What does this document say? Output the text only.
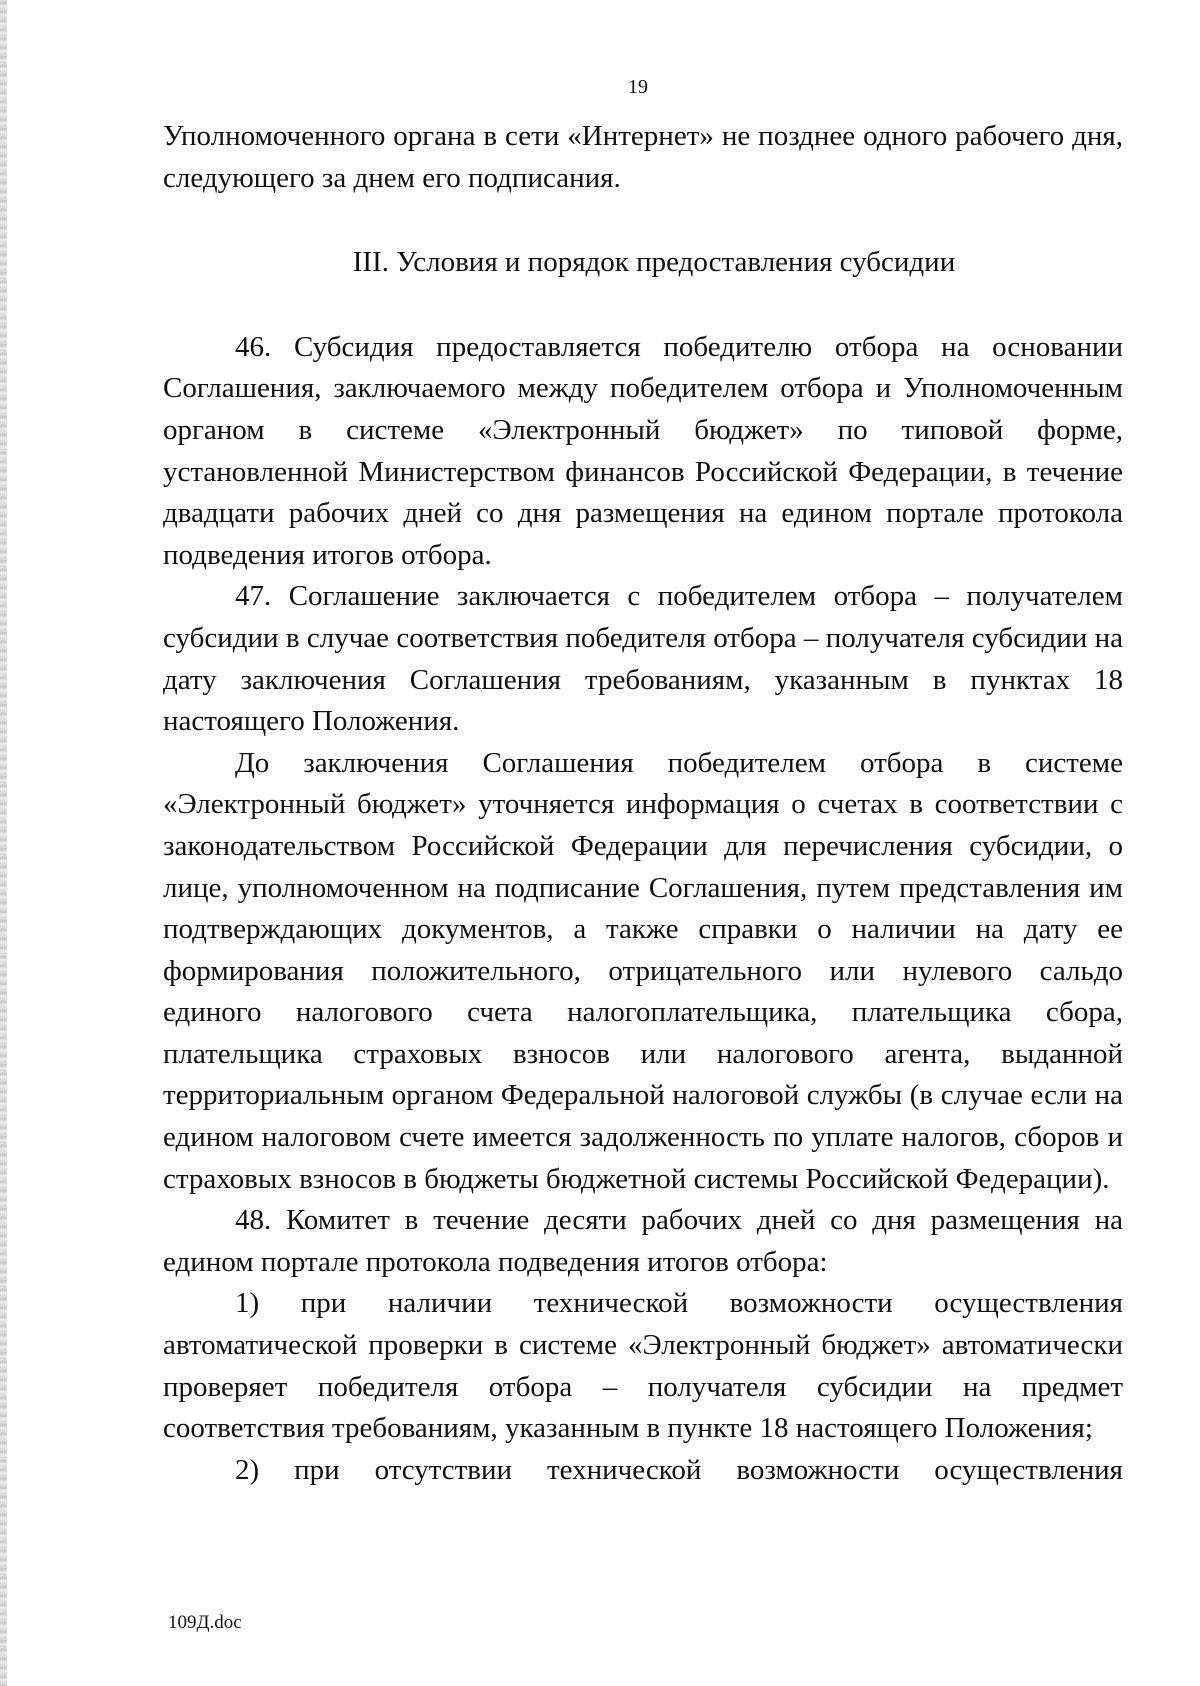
19

Уполномоченного органа в сети «Интернет» не позднее одного рабочего дня, следующего за днем его подписания.

III. Условия и порядок предоставления субсидии

46. Субсидия предоставляется победителю отбора на основании Соглашения, заключаемого между победителем отбора и Уполномоченным органом в системе «Электронный бюджет» по типовой форме, установленной Министерством финансов Российской Федерации, в течение двадцати рабочих дней со дня размещения на едином портале протокола подведения итогов отбора.

47. Соглашение заключается с победителем отбора – получателем субсидии в случае соответствия победителя отбора – получателя субсидии на дату заключения Соглашения требованиям, указанным в пунктах 18 настоящего Положения.

До заключения Соглашения победителем отбора в системе «Электронный бюджет» уточняется информация о счетах в соответствии с законодательством Российской Федерации для перечисления субсидии, о лице, уполномоченном на подписание Соглашения, путем представления им подтверждающих документов, а также справки о наличии на дату ее формирования положительного, отрицательного или нулевого сальдо единого налогового счета налогоплательщика, плательщика сбора, плательщика страховых взносов или налогового агента, выданной территориальным органом Федеральной налоговой службы (в случае если на едином налоговом счете имеется задолженность по уплате налогов, сборов и страховых взносов в бюджеты бюджетной системы Российской Федерации).

48. Комитет в течение десяти рабочих дней со дня размещения на едином портале протокола подведения итогов отбора:

1) при наличии технической возможности осуществления автоматической проверки в системе «Электронный бюджет» автоматически проверяет победителя отбора – получателя субсидии на предмет соответствия требованиям, указанным в пункте 18 настоящего Положения;

2) при отсутствии технической возможности осуществления

109Д.doc
